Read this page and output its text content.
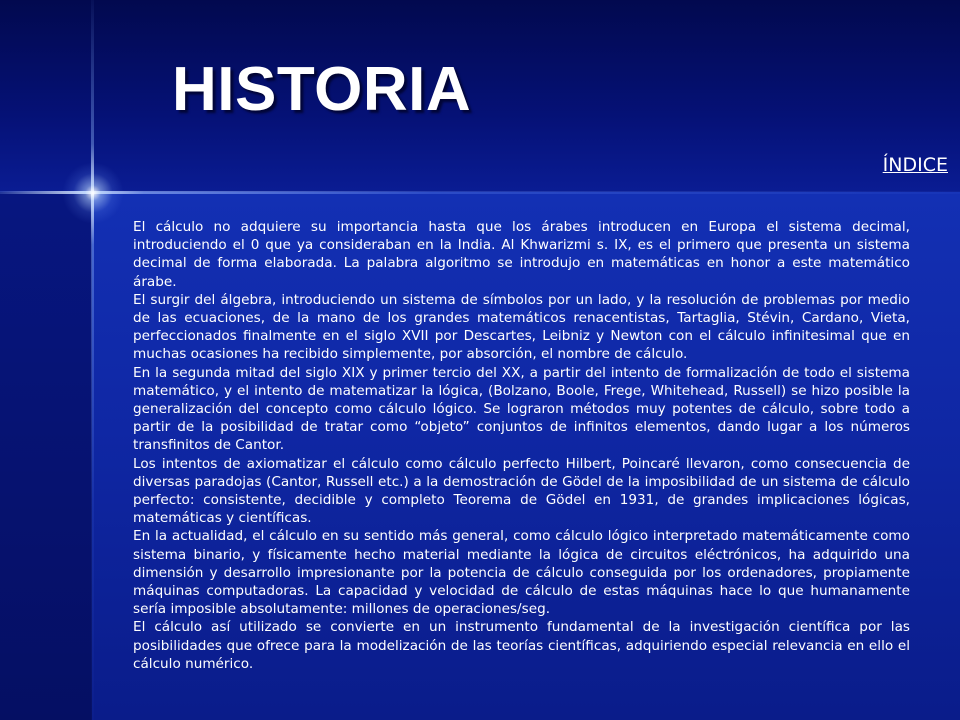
HISTORIA
ÍNDICE

El cálculo no adquiere su importancia hasta que los árabes introducen en Europa el sistema decimal, introduciendo el 0 que ya consideraban en la India. Al Khwarizmi s. IX, es el primero que presenta un sistema decimal de forma elaborada. La palabra algoritmo se introdujo en matemáticas en honor a este matemático árabe.

El surgir del álgebra, introduciendo un sistema de símbolos por un lado, y la resolución de problemas por medio de las ecuaciones, de la mano de los grandes matemáticos renacentistas, Tartaglia, Stévin, Cardano, Vieta, perfeccionados finalmente en el siglo XVII por Descartes, Leibniz y Newton con el cálculo infinitesimal que en muchas ocasiones ha recibido simplemente, por absorción, el nombre de cálculo.

En la segunda mitad del siglo XIX y primer tercio del XX, a partir del intento de formalización de todo el sistema matemático, y el intento de matematizar la lógica, (Bolzano, Boole, Frege, Whitehead, Russell) se hizo posible la generalización del concepto como cálculo lógico. Se lograron métodos muy potentes de cálculo, sobre todo a partir de la posibilidad de tratar como “objeto” conjuntos de infinitos elementos, dando lugar a los números transfinitos de Cantor.

Los intentos de axiomatizar el cálculo como cálculo perfecto Hilbert, Poincaré llevaron, como consecuencia de diversas paradojas (Cantor, Russell etc.) a la demostración de Gödel de la imposibilidad de un sistema de cálculo perfecto: consistente, decidible y completo Teorema de Gödel en 1931, de grandes implicaciones lógicas, matemáticas y científicas.

En la actualidad, el cálculo en su sentido más general, como cálculo lógico interpretado matemáticamente como sistema binario, y físicamente hecho material mediante la lógica de circuitos eléctrónicos, ha adquirido una dimensión y desarrollo impresionante por la potencia de cálculo conseguida por los ordenadores, propiamente máquinas computadoras. La capacidad y velocidad de cálculo de estas máquinas hace lo que humanamente sería imposible absolutamente: millones de operaciones/seg.

El cálculo así utilizado se convierte en un instrumento fundamental de la investigación científica por las posibilidades que ofrece para la modelización de las teorías científicas, adquiriendo especial relevancia en ello el cálculo numérico.
